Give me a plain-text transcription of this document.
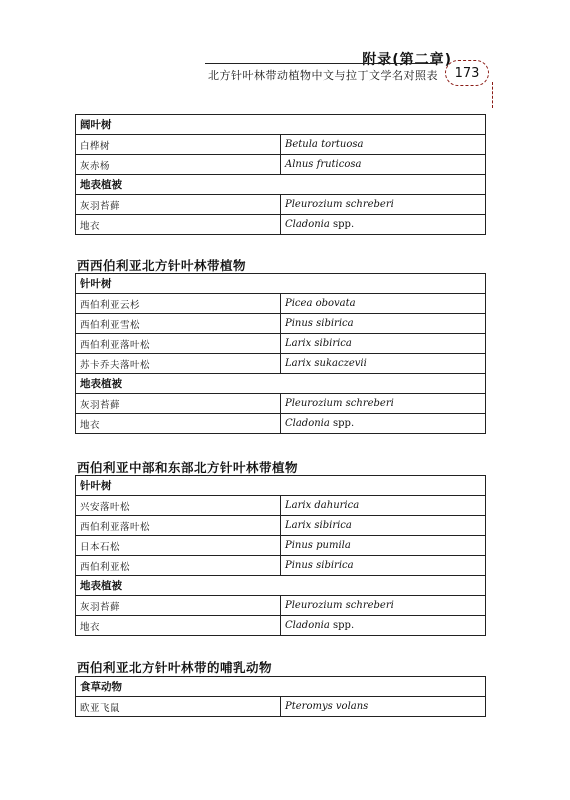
附录(第二章)
北方针叶林带动植物中文与拉丁文学名对照表	173
阔叶树	
白桦树	Betula tortuosa
灰赤杨	Alnus fruticosa
地表植被	
灰羽苔藓	Pleurozium schreberi
地衣	Cladonia spp.
西西伯利亚北方针叶林带植物
针叶树	
西伯利亚云杉	Picea obovata
西伯利亚雪松	Pinus sibirica
西伯利亚落叶松	Larix sibirica
苏卡乔夫落叶松	Larix sukaczevii
地表植被	
灰羽苔藓	Pleurozium schreberi
地衣	Cladonia spp.
西伯利亚中部和东部北方针叶林带植物
针叶树	
兴安落叶松	Larix dahurica
西伯利亚落叶松	Larix sibirica
日本石松	Pinus pumila
西伯利亚松	Pinus sibirica
地表植被	
灰羽苔藓	Pleurozium schreberi
地衣	Cladonia spp.
西伯利亚北方针叶林带的哺乳动物
食草动物
欧亚飞鼠	Pteromys volans
